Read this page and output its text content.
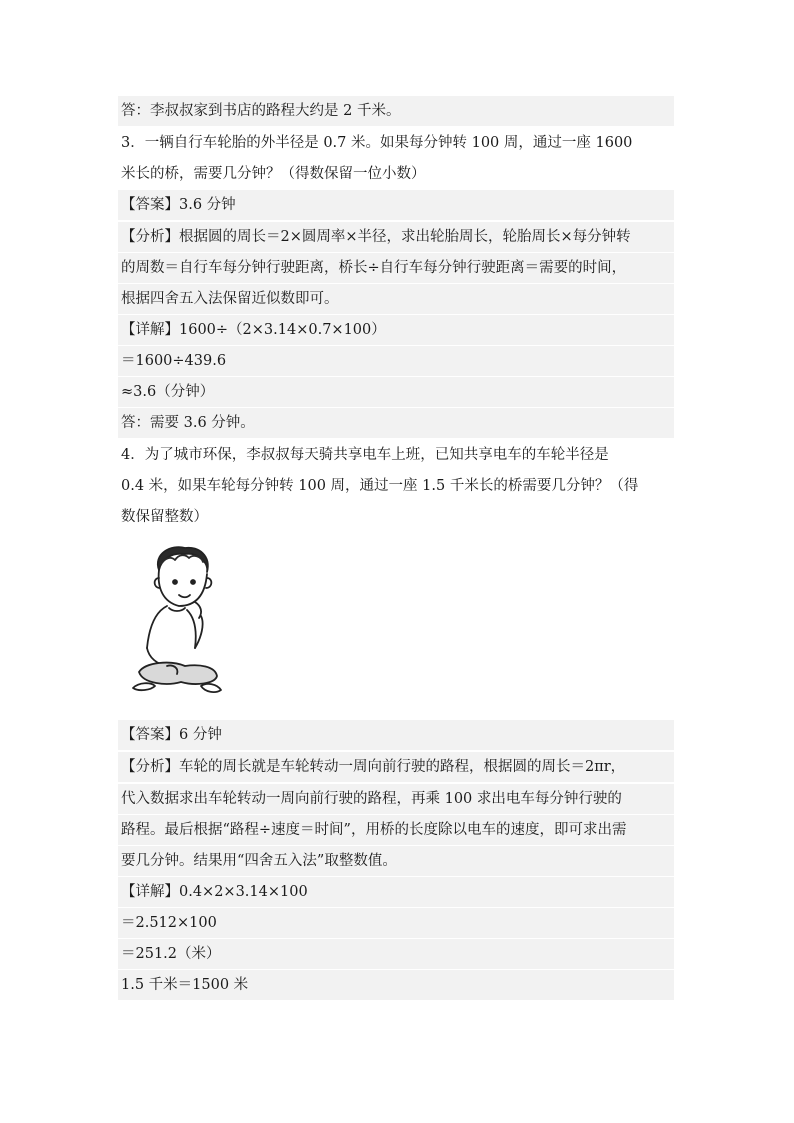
答：李叔叔家到书店的路程大约是 2 千米。
3．一辆自行车轮胎的外半径是 0.7 米。如果每分钟转 100 周，通过一座 1600
米长的桥，需要几分钟？（得数保留一位小数）
【答案】3.6 分钟
【分析】根据圆的周长＝2×圆周率×半径，求出轮胎周长，轮胎周长×每分钟转
的周数＝自行车每分钟行驶距离，桥长÷自行车每分钟行驶距离＝需要的时间，
根据四舍五入法保留近似数即可。
【详解】1600÷（2×3.14×0.7×100）
＝1600÷439.6
≈3.6（分钟）
答：需要 3.6 分钟。
4．为了城市环保，李叔叔每天骑共享电车上班，已知共享电车的车轮半径是
0.4 米，如果车轮每分钟转 100 周，通过一座 1.5 千米长的桥需要几分钟？（得
数保留整数）
【答案】6 分钟
【分析】车轮的周长就是车轮转动一周向前行驶的路程，根据圆的周长＝2πr，
代入数据求出车轮转动一周向前行驶的路程，再乘 100 求出电车每分钟行驶的
路程。最后根据“路程÷速度＝时间”，用桥的长度除以电车的速度，即可求出需
要几分钟。结果用“四舍五入法”取整数值。
【详解】0.4×2×3.14×100
＝2.512×100
＝251.2（米）
1.5 千米＝1500 米
